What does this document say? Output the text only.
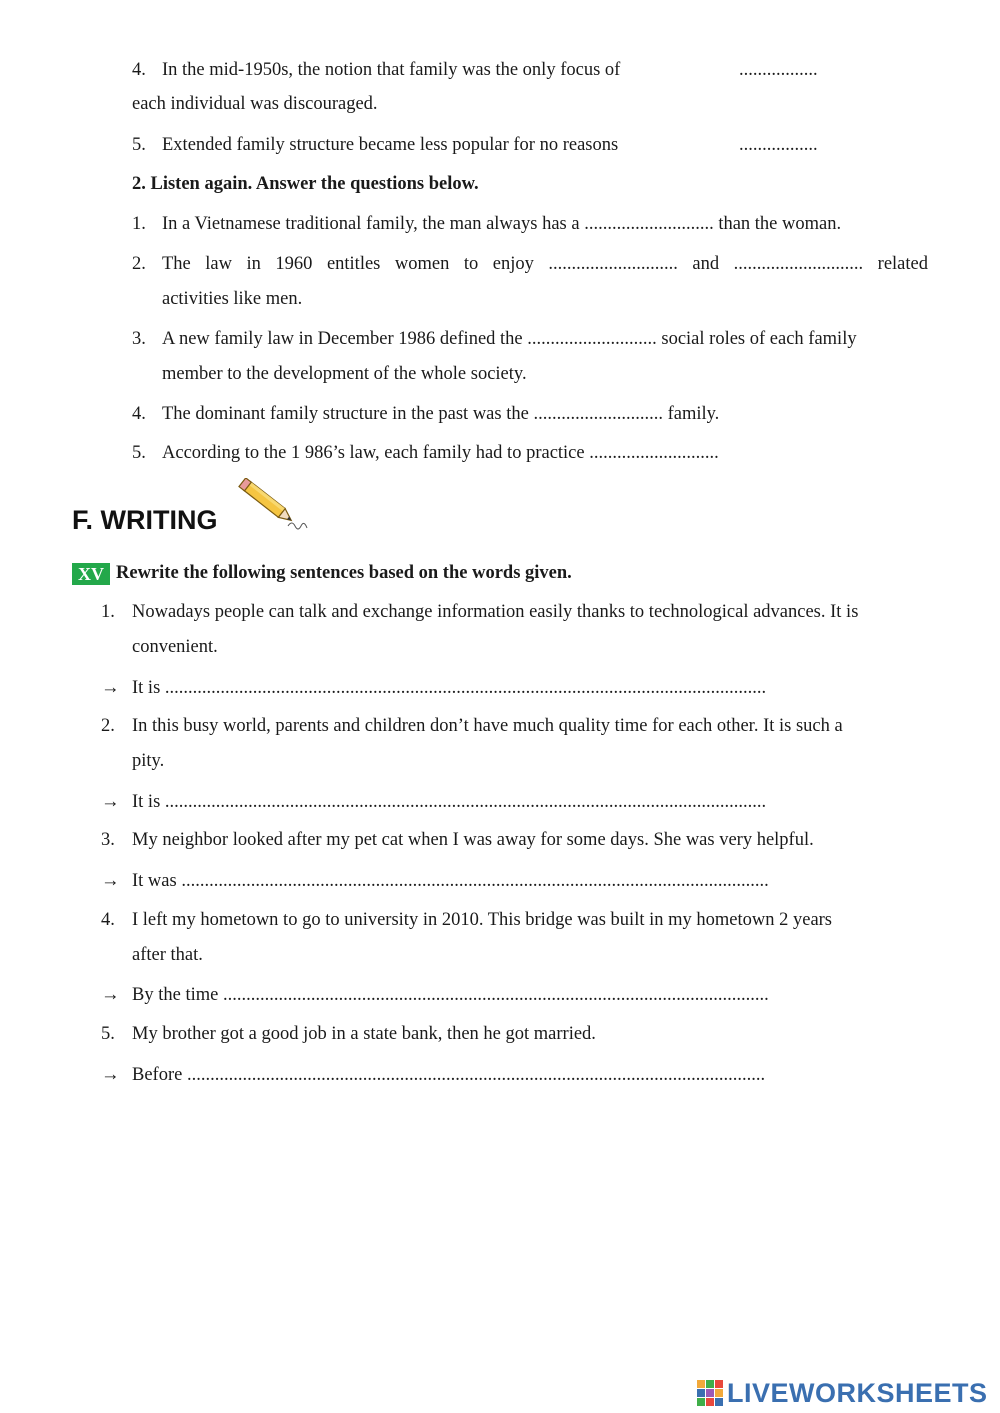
4. In the mid-1950s, the notion that family was the only focus of	.................
each individual was discouraged.
5. Extended family structure became less popular for no reasons	.................
2. Listen again. Answer the questions below.
1. In a Vietnamese traditional family, the man always has a ............................ than the woman.
2. The law in 1960 entitles women to enjoy ............................ and ............................ related
activities like men.
3. A new family law in December 1986 defined the ............................ social roles of each family
member to the development of the whole society.
4. The dominant family structure in the past was the ............................ family.
5. According to the 1 986’s law, each family had to practice ............................
F. WRITING
XV Rewrite the following sentences based on the words given.
1. Nowadays people can talk and exchange information easily thanks to technological advances. It is
convenient.
→ It is ..................................................................................................................................
2. In this busy world, parents and children don’t have much quality time for each other. It is such a
pity.
→ It is ..................................................................................................................................
3. My neighbor looked after my pet cat when I was away for some days. She was very helpful.
→ It was ...............................................................................................................................
4. I left my hometown to go to university in 2010. This bridge was built in my hometown 2 years
after that.
→ By the time ......................................................................................................................
5. My brother got a good job in a state bank, then he got married.
→ Before .............................................................................................................................
LIVEWORKSHEETS
